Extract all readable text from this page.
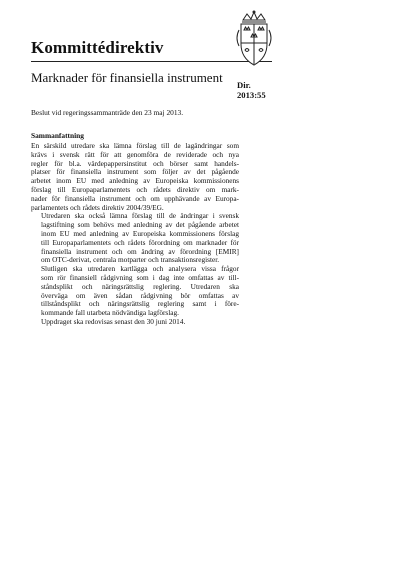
Kommittédirektiv
Marknader för finansiella instrument Dir.
2013:55
Beslut vid regeringssammanträde den 23 maj 2013.
Sammanfattning

En särskild utredare ska lämna förslag till de lagändringar som
krävs i svensk rätt för att genomföra de reviderade och nya
regler för bl.a. värdepappersinstitut och börser samt handels-
platser för finansiella instrument som följer av det pågående
arbetet inom EU med anledning av Europeiska kommissionens
förslag till Europaparlamentets och rådets direktiv om mark-
nader för finansiella instrument och om upphävande av Europa-
parlamentets och rådets direktiv 2004/39/EG.

Utredaren ska också lämna förslag till de ändringar i svensk
lagstiftning som behövs med anledning av det pågående arbetet
inom EU med anledning av Europeiska kommissionens förslag
till Europaparlamentets och rådets förordning om marknader för
finansiella instrument och om ändring av förordning [EMIR]
om OTC-derivat, centrala motparter och transaktionsregister.

Slutligen ska utredaren kartlägga och analysera vissa frågor
som rör finansiell rådgivning som i dag inte omfattas av till-
ståndsplikt och näringsrättslig reglering. Utredaren ska
överväga om även sådan rådgivning bör omfattas av
tillståndsplikt och näringsrättslig reglering samt i före-
kommande fall utarbeta nödvändiga lagförslag.

Uppdraget ska redovisas senast den 30 juni 2014.
